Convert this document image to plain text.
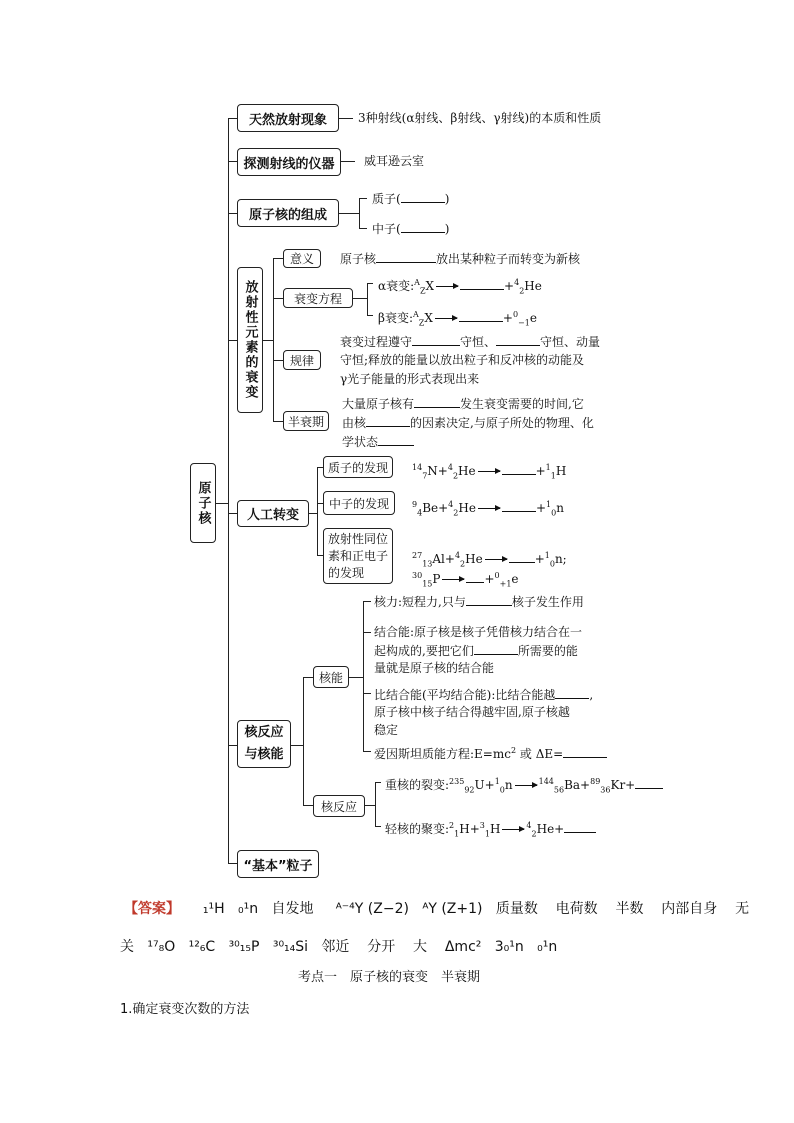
原子核
天然放射现象	3种射线(α射线、β射线、γ射线)的本质和性质
探测射线的仪器 威耳逊云室
原子核的组成
质子(	)
中子(	)
放射性元素的衰变
意义 原子核	放出某种粒子而转变为新核
衰变方程
α衰变:$^A_Z$X	+$^4_2$He
β衰变:$^A_Z$X	+$^0_{-1}$e
规律
衰变过程遵守	守恒、	守恒、动量
守恒;释放的能量以放出粒子和反冲核的动能及
γ光子能量的形式表现出来
半衰期
大量原子核有	发生衰变需要的时间,它
由核	的因素决定,与原子所处的物理、化
学状态
人工转变
质子的发现	$^{14}_7$N+$^4_2$He	+$^1_1$H
中子的发现	$^9_4$Be+$^4_2$He	+$^1_0$n
放射性同位素和正电子的发现
$^{27}_{13}$Al+$^4_2$He	+$^1_0$n;
$^{30}_{15}$P	+$^0_{+1}$e
核反应与核能
核能
核力:短程力,只与	核子发生作用
结合能:原子核是核子凭借核力结合在一
起构成的,要把它们	所需要的能
量就是原子核的结合能
比结合能(平均结合能):比结合能越	,
原子核中核子结合得越牢固,原子核越
稳定
爱因斯坦质能方程$:E=mc^2$ 或 ΔE=
核反应
重核的裂变:$^{235}_{92}$U+$^1_0$n	$^{144}_{56}$Ba+$^{89}_{36}$Kr+
轻核的聚变:$^2_1$H+$^3_1$H	$^4_2$He+
“基本”粒子
【答案】 ₁¹H ₀¹n 自发地 ᴬ⁻⁴Y (Z−2) ᴬY (Z+1) 质量数 电荷数 半数 内部自身 无
关 ¹⁷₈O ¹²₆C ³⁰₁₅P ³⁰₁₄Si 邻近 分开 大 Δmc² 3₀¹n ₀¹n
考点一　原子核的衰变　半衰期
1.确定衰变次数的方法
